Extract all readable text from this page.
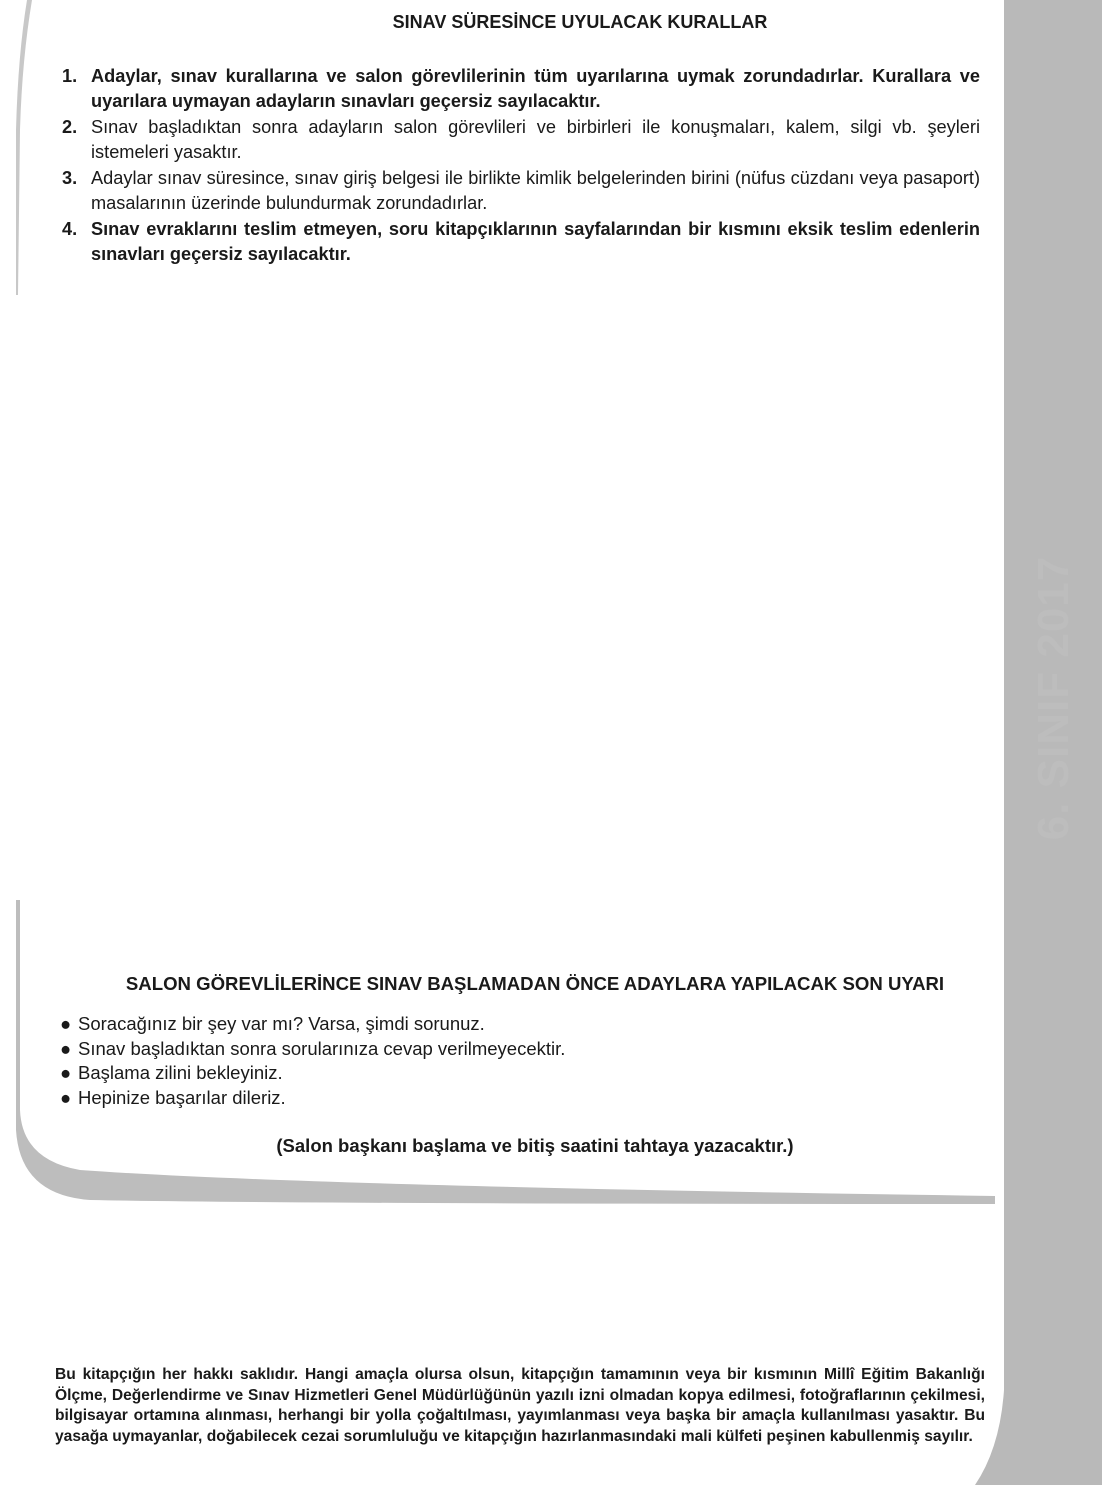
6. SINIF 2017
SINAV SÜRESİNCE UYULACAK KURALLAR
1. Adaylar, sınav kurallarına ve salon görevlilerinin tüm uyarılarına uymak zorundadırlar. Kurallara ve uyarılara uymayan adayların sınavları geçersiz sayılacaktır.
2. Sınav başladıktan sonra adayların salon görevlileri ve birbirleri ile konuşmaları, kalem, silgi vb. şeyleri istemeleri yasaktır.
3. Adaylar sınav süresince, sınav giriş belgesi ile birlikte kimlik belgelerinden birini (nüfus cüzdanı veya pasaport) masalarının üzerinde bulundurmak zorundadırlar.
4. Sınav evraklarını teslim etmeyen, soru kitapçıklarının sayfalarından bir kısmını eksik teslim edenlerin sınavları geçersiz sayılacaktır.
SALON GÖREVLİLERİNCE SINAV BAŞLAMADAN ÖNCE ADAYLARA YAPILACAK SON UYARI
● Soracağınız bir şey var mı? Varsa, şimdi sorunuz.
● Sınav başladıktan sonra sorularınıza cevap verilmeyecektir.
● Başlama zilini bekleyiniz.
● Hepinize başarılar dileriz.

(Salon başkanı başlama ve bitiş saatini tahtaya yazacaktır.)

Bu kitapçığın her hakkı saklıdır. Hangi amaçla olursa olsun, kitapçığın tamamının veya bir kısmının Millî Eğitim Bakanlığı Ölçme, Değerlendirme ve Sınav Hizmetleri Genel Müdürlüğünün yazılı izni olmadan kopya edilmesi, fotoğraflarının çekilmesi, bilgisayar ortamına alınması, herhangi bir yolla çoğaltılması, yayımlanması veya başka bir amaçla kullanılması yasaktır. Bu yasağa uymayanlar, doğabilecek cezai sorumluluğu ve kitapçığın hazırlanmasındaki mali külfeti peşinen kabullenmiş sayılır.
